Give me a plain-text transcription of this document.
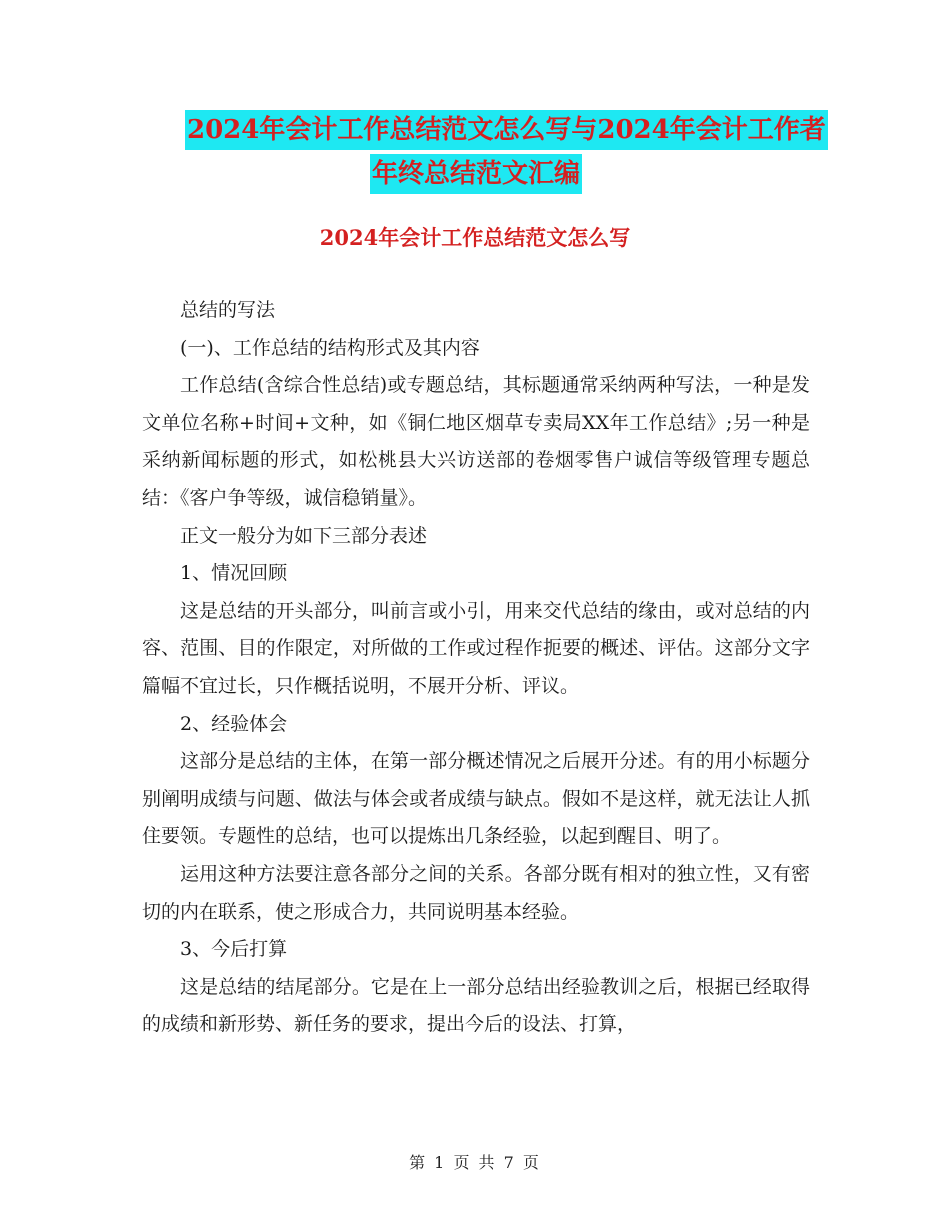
2024年会计工作总结范文怎么写与2024年会计工作者
年终总结范文汇编
2024年会计工作总结范文怎么写

总结的写法

(一)、工作总结的结构形式及其内容

工作总结(含综合性总结)或专题总结，其标题通常采纳两种写法，一种是发文单位名称+时间+文种，如《铜仁地区烟草专卖局XX年工作总结》;另一种是采纳新闻标题的形式，如松桃县大兴访送部的卷烟零售户诚信等级管理专题总结：《客户争等级，诚信稳销量》。

正文一般分为如下三部分表述

1、情况回顾

这是总结的开头部分，叫前言或小引，用来交代总结的缘由，或对总结的内容、范围、目的作限定，对所做的工作或过程作扼要的概述、评估。这部分文字篇幅不宜过长，只作概括说明，不展开分析、评议。

2、经验体会

这部分是总结的主体，在第一部分概述情况之后展开分述。有的用小标题分别阐明成绩与问题、做法与体会或者成绩与缺点。假如不是这样，就无法让人抓住要领。专题性的总结，也可以提炼出几条经验，以起到醒目、明了。

运用这种方法要注意各部分之间的关系。各部分既有相对的独立性，又有密切的内在联系，使之形成合力，共同说明基本经验。

3、今后打算

这是总结的结尾部分。它是在上一部分总结出经验教训之后，根据已经取得的成绩和新形势、新任务的要求，提出今后的设法、打算，

第 1 页 共 7 页
